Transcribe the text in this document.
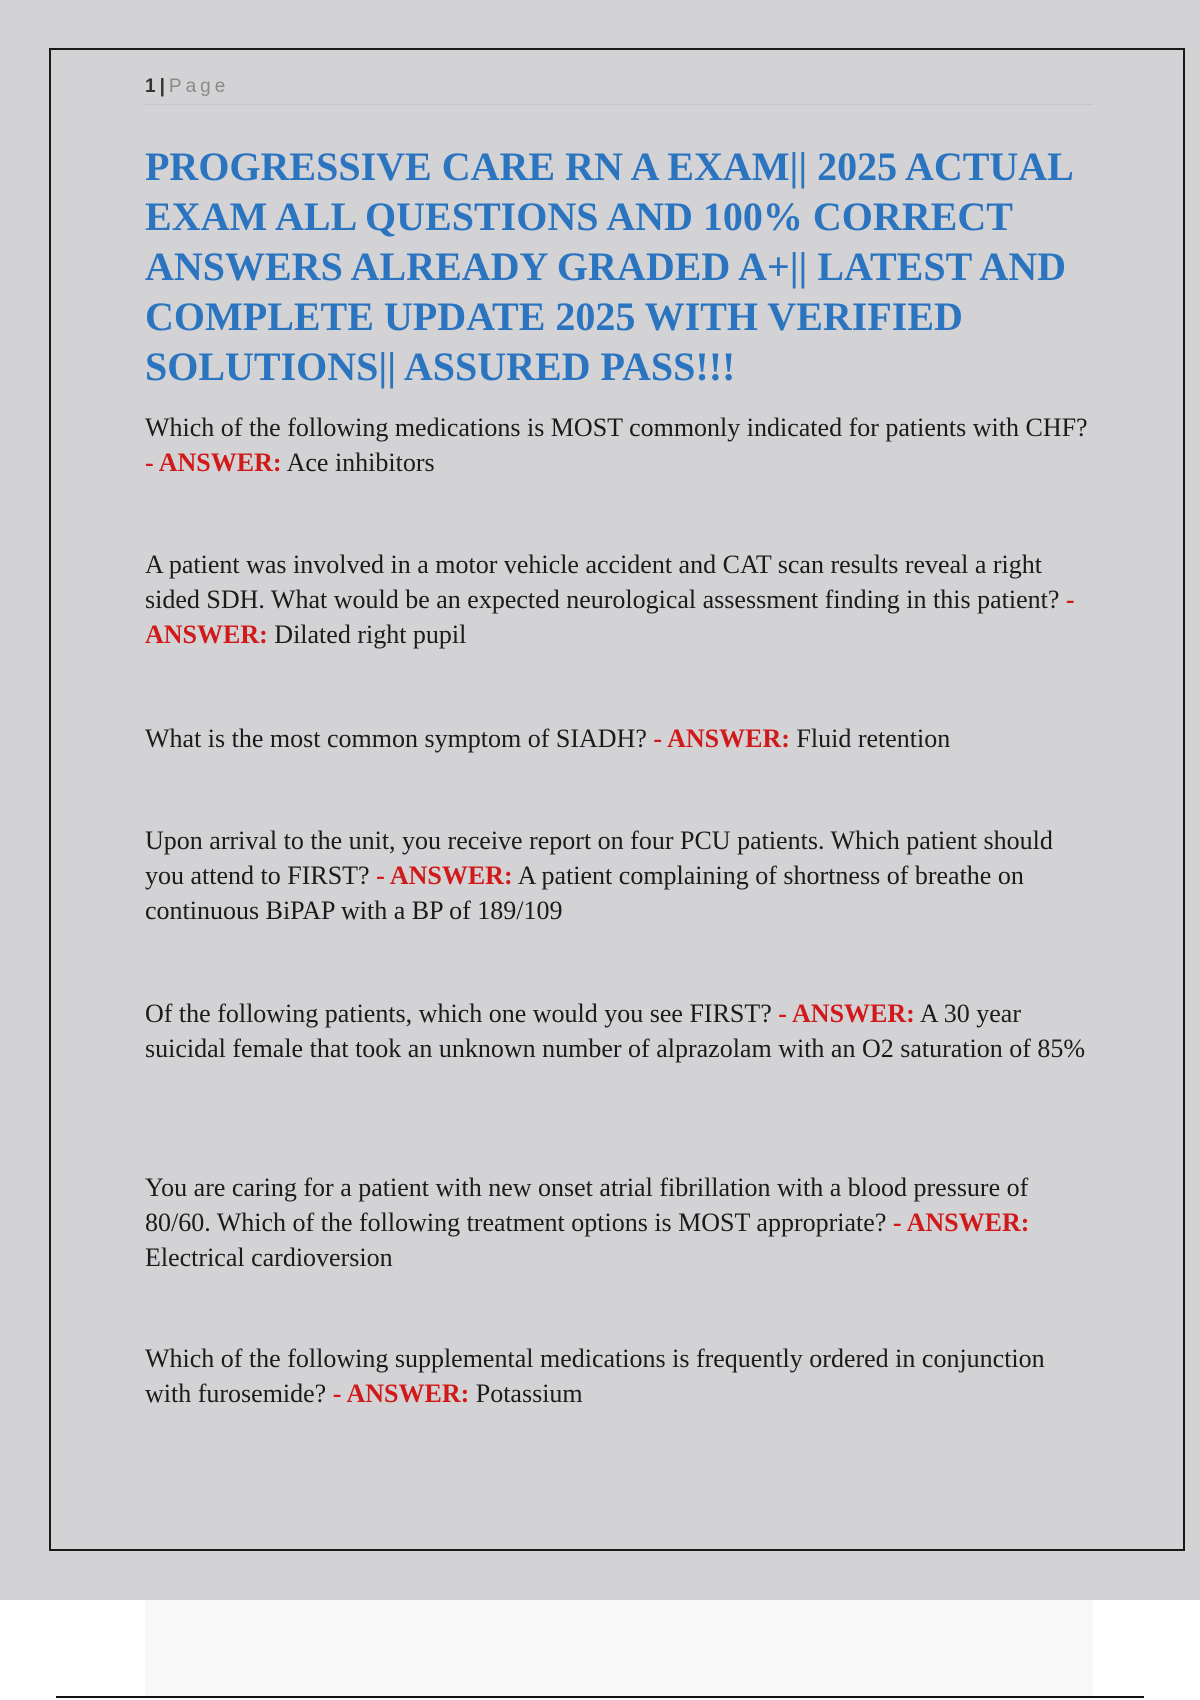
1 | Page
PROGRESSIVE CARE RN A EXAM|| 2025 ACTUAL EXAM ALL QUESTIONS AND 100% CORRECT ANSWERS ALREADY GRADED A+|| LATEST AND COMPLETE UPDATE 2025 WITH VERIFIED SOLUTIONS|| ASSURED PASS!!!

Which of the following medications is MOST commonly indicated for patients with CHF? - ANSWER: Ace inhibitors

A patient was involved in a motor vehicle accident and CAT scan results reveal a right sided SDH. What would be an expected neurological assessment finding in this patient? - ANSWER: Dilated right pupil

What is the most common symptom of SIADH? - ANSWER: Fluid retention

Upon arrival to the unit, you receive report on four PCU patients. Which patient should you attend to FIRST? - ANSWER: A patient complaining of shortness of breathe on continuous BiPAP with a BP of 189/109

Of the following patients, which one would you see FIRST? - ANSWER: A 30 year suicidal female that took an unknown number of alprazolam with an O2 saturation of 85%

You are caring for a patient with new onset atrial fibrillation with a blood pressure of 80/60. Which of the following treatment options is MOST appropriate? - ANSWER: Electrical cardioversion

Which of the following supplemental medications is frequently ordered in conjunction with furosemide? - ANSWER: Potassium
